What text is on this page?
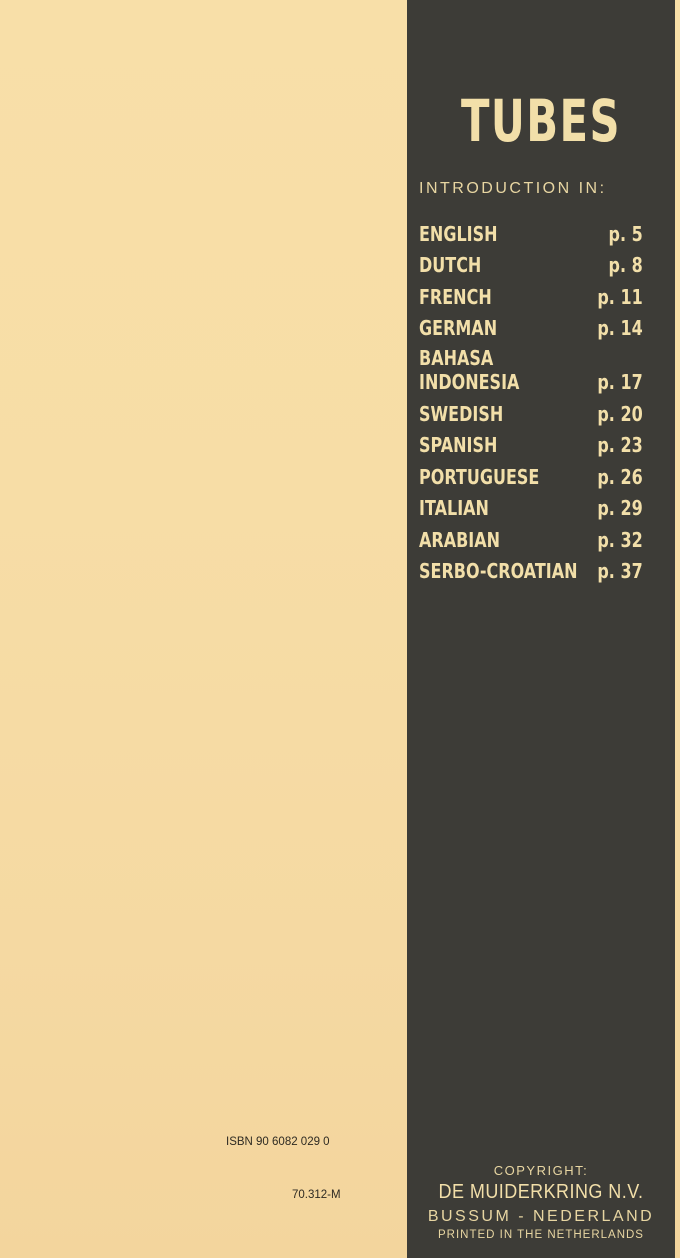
ISBN 90 6082 029 0
70.312-M
TUBES
INTRODUCTION IN:
ENGLISH	p. 5
DUTCH	p. 8
FRENCH	p. 11
GERMAN	p. 14
BAHASA
INDONESIA	p. 17
SWEDISH	p. 20
SPANISH	p. 23
PORTUGUESE	p. 26
ITALIAN	p. 29
ARABIAN	p. 32
SERBO-CROATIAN p. 37
COPYRIGHT:
DE MUIDERKRING N.V.
BUSSUM - NEDERLAND
PRINTED IN THE NETHERLANDS
